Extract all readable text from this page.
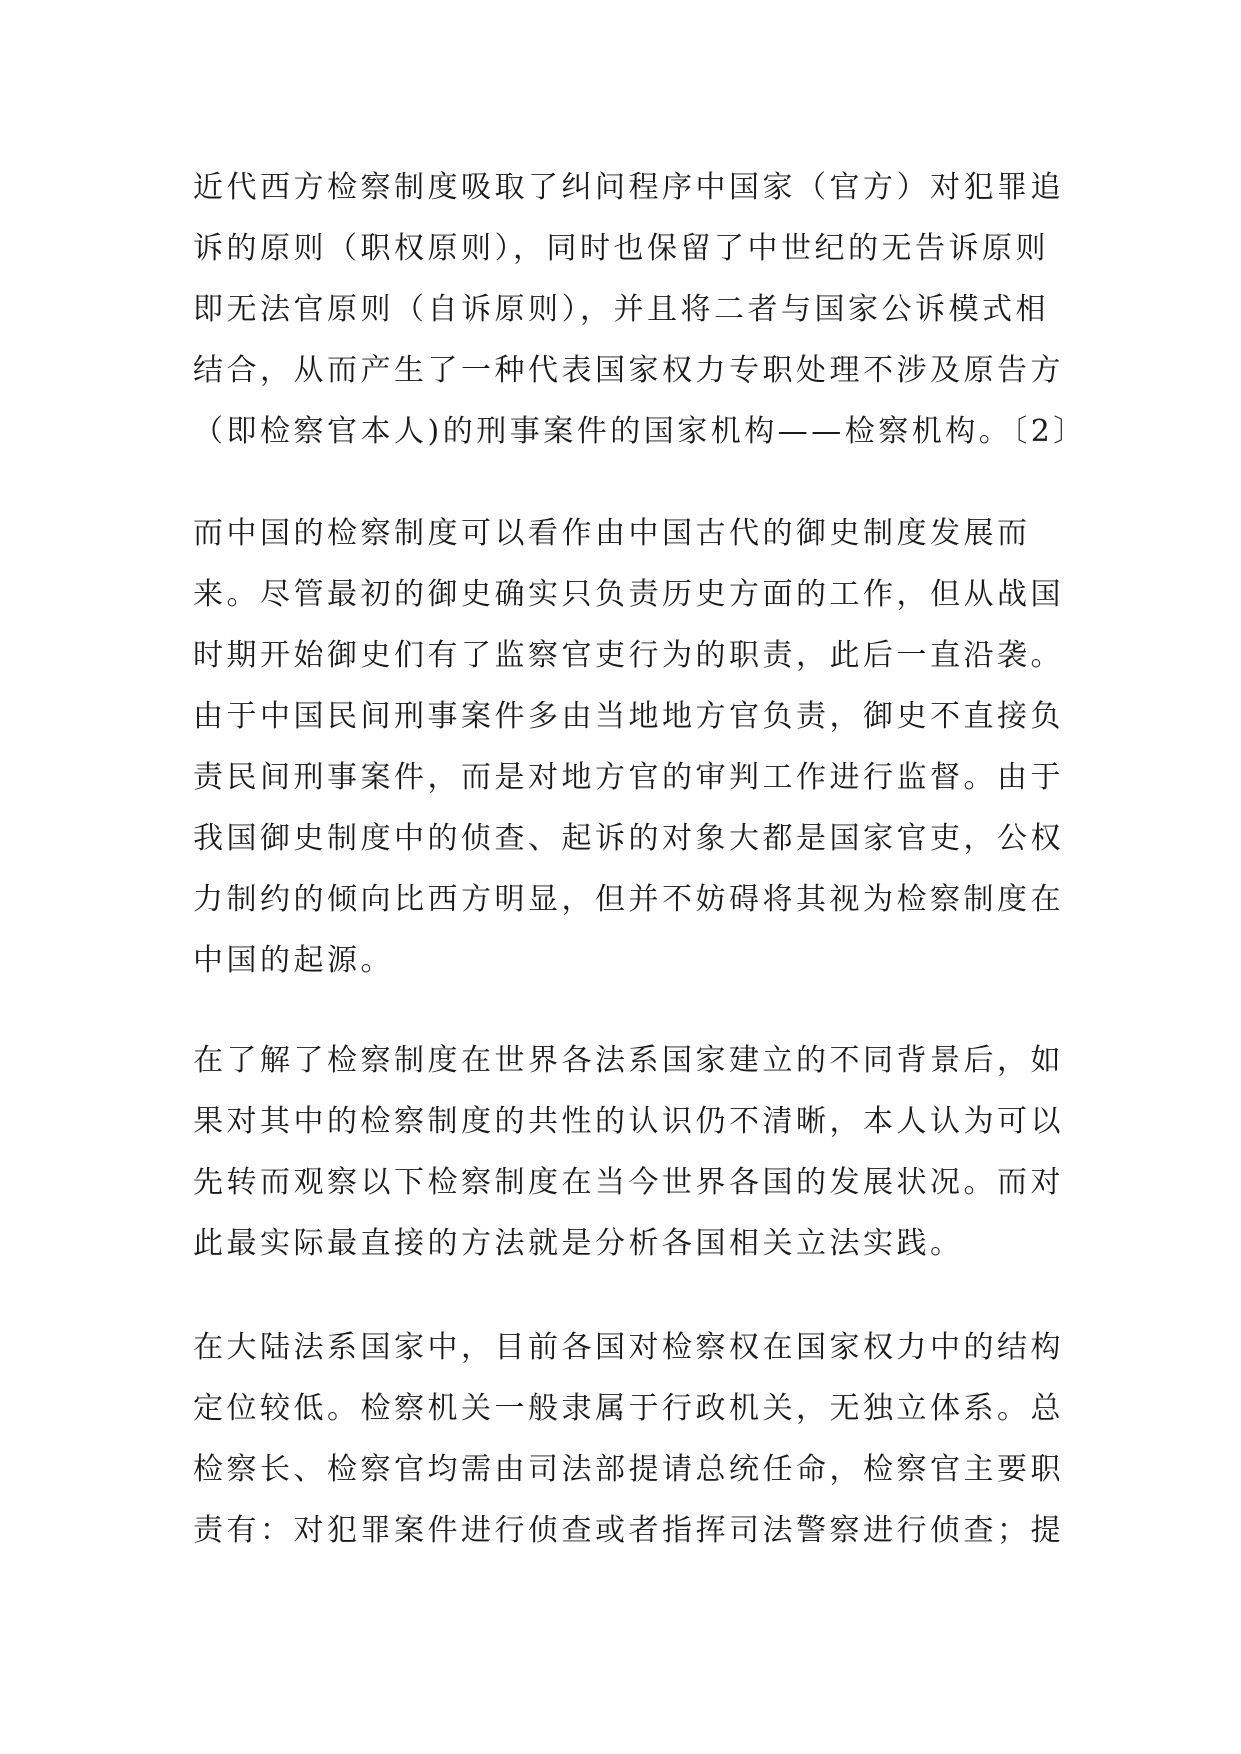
近代西方检察制度吸取了纠问程序中国家（官方）对犯罪追
诉的原则（职权原则），同时也保留了中世纪的无告诉原则
即无法官原则（自诉原则），并且将二者与国家公诉模式相
结合，从而产生了一种代表国家权力专职处理不涉及原告方
（即检察官本人)的刑事案件的国家机构——检察机构。〔2〕
而中国的检察制度可以看作由中国古代的御史制度发展而
来。尽管最初的御史确实只负责历史方面的工作，但从战国
时期开始御史们有了监察官吏行为的职责，此后一直沿袭。
由于中国民间刑事案件多由当地地方官负责，御史不直接负
责民间刑事案件，而是对地方官的审判工作进行监督。由于
我国御史制度中的侦查、起诉的对象大都是国家官吏，公权
力制约的倾向比西方明显，但并不妨碍将其视为检察制度在
中国的起源。
在了解了检察制度在世界各法系国家建立的不同背景后，如
果对其中的检察制度的共性的认识仍不清晰，本人认为可以
先转而观察以下检察制度在当今世界各国的发展状况。而对
此最实际最直接的方法就是分析各国相关立法实践。
在大陆法系国家中，目前各国对检察权在国家权力中的结构
定位较低。检察机关一般隶属于行政机关，无独立体系。总
检察长、检察官均需由司法部提请总统任命，检察官主要职
责有：对犯罪案件进行侦查或者指挥司法警察进行侦查；提
